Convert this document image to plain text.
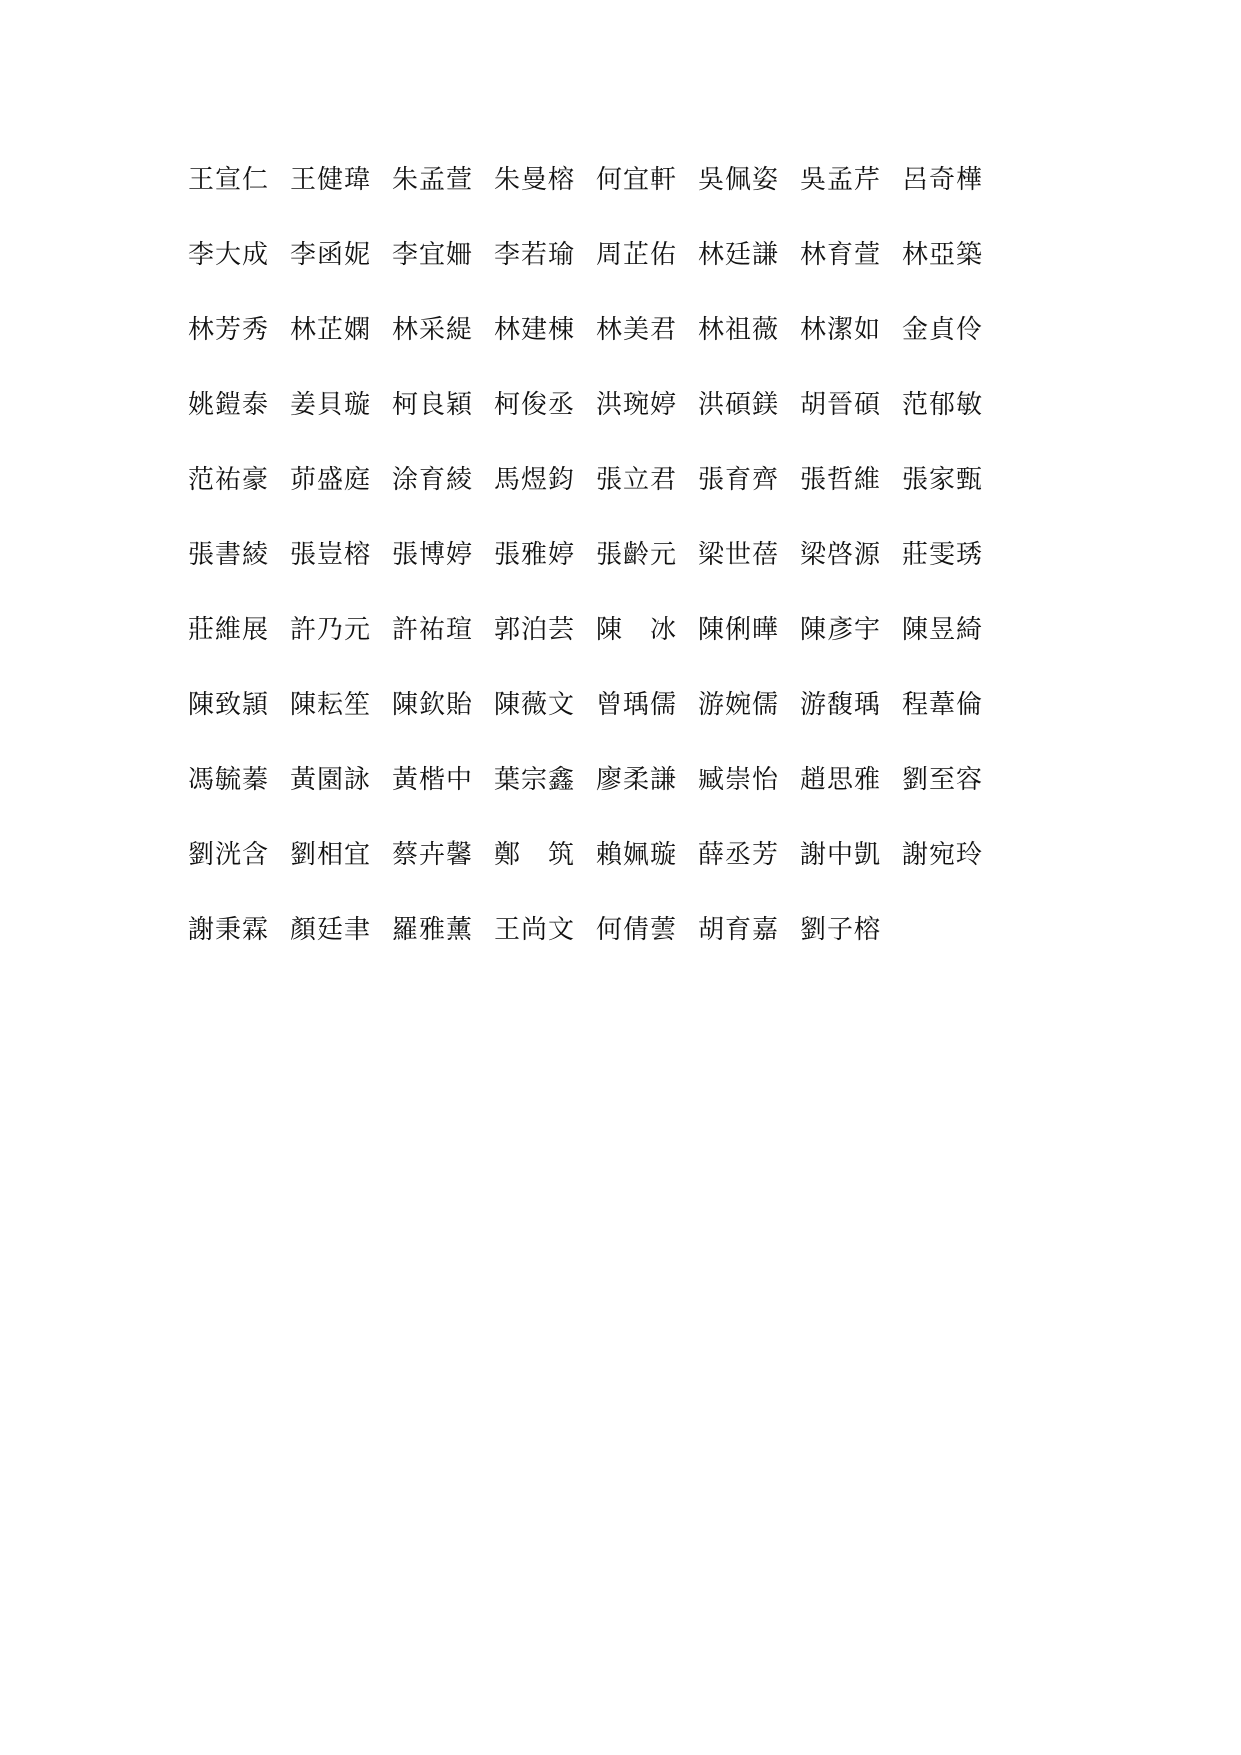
王宣仁 王健瑋 朱孟萱 朱曼榕 何宜軒 吳佩姿 吳孟芹 呂奇樺
李大成 李函妮 李宜姍 李若瑜 周芷佑 林廷謙 林育萱 林亞築
林芳秀 林芷嫻 林采緹 林建棟 林美君 林祖薇 林潔如 金貞伶
姚鎧泰 姜貝璇 柯良穎 柯俊丞 洪琬婷 洪碩鎂 胡晉碩 范郁敏
范祐豪 茆盛庭 涂育綾 馬煜鈞 張立君 張育齊 張哲維 張家甄
張書綾 張豈榕 張博婷 張雅婷 張齡元 梁世蓓 梁啓源 莊雯琇
莊維展 許乃元 許祐瑄 郭泊芸 陳　冰 陳俐曄 陳彥宇 陳昱綺
陳致頴 陳耘笙 陳欽貽 陳薇文 曾瑀儒 游婉儒 游馥瑀 程葦倫
馮毓蓁 黃園詠 黃楷中 葉宗鑫 廖柔謙 臧崇怡 趙思雅 劉至容
劉洸含 劉相宜 蔡卉馨 鄭　筑 賴姵璇 薛丞芳 謝中凱 謝宛玲
謝秉霖 顏廷聿 羅雅薰 王尚文 何倩蕓 胡育嘉 劉子榕
